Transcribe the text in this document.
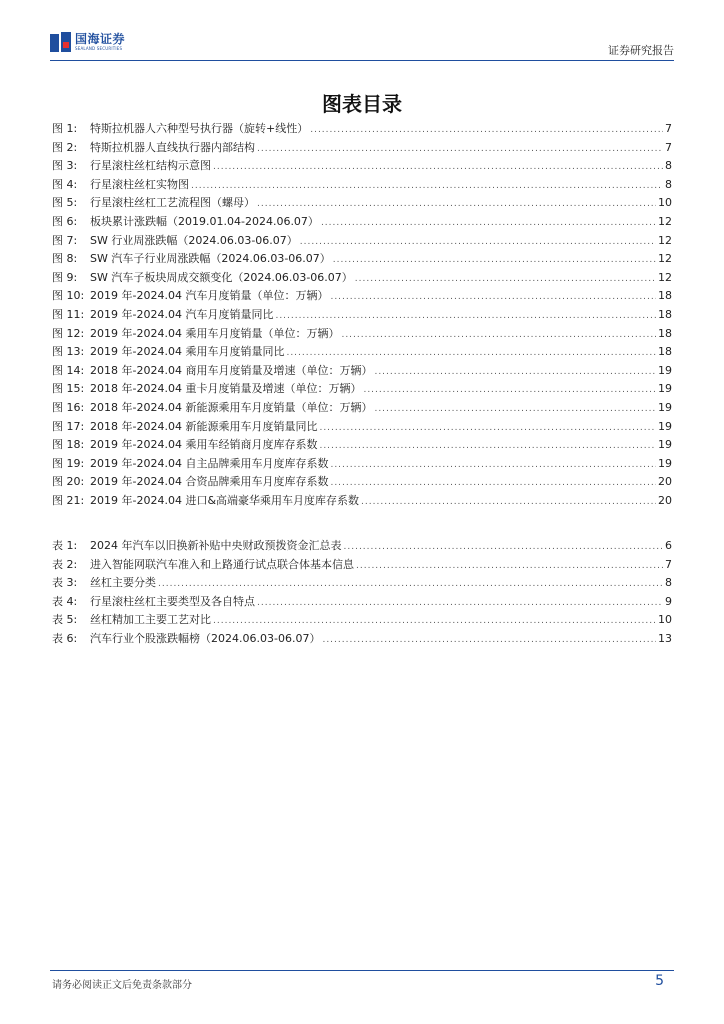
国海证券
SEALAND SECURITIES	证券研究报告
图表目录
图 1:	特斯拉机器人六种型号执行器（旋转+线性） .....	7
图 2:	特斯拉机器人直线执行器内部结构 .....	7
图 3:	行星滚柱丝杠结构示意图 .....	8
图 4:	行星滚柱丝杠实物图 .....	8
图 5:	行星滚柱丝杠工艺流程图（螺母） .....	10
图 6:	板块累计涨跌幅（2019.01.04-2024.06.07） .....	12
图 7:	SW 行业周涨跌幅（2024.06.03-06.07） .....	12
图 8:	SW 汽车子行业周涨跌幅（2024.06.03-06.07） .....	12
图 9:	SW 汽车子板块周成交额变化（2024.06.03-06.07） .....	12
图 10: 2019 年-2024.04 汽车月度销量（单位：万辆） .....	18
图 11: 2019 年-2024.04 汽车月度销量同比 .....	18
图 12: 2019 年-2024.04 乘用车月度销量（单位：万辆） .....	18
图 13: 2019 年-2024.04 乘用车月度销量同比 .....	18
图 14: 2018 年-2024.04 商用车月度销量及增速（单位：万辆） .....	19
图 15: 2018 年-2024.04 重卡月度销量及增速（单位：万辆） .....	19
图 16: 2018 年-2024.04 新能源乘用车月度销量（单位：万辆） .....	19
图 17: 2018 年-2024.04 新能源乘用车月度销量同比 .....	19
图 18: 2019 年-2024.04 乘用车经销商月度库存系数 .....	19
图 19: 2019 年-2024.04 自主品牌乘用车月度库存系数 .....	19
图 20: 2019 年-2024.04 合资品牌乘用车月度库存系数 .....	20
图 21: 2019 年-2024.04 进口&高端豪华乘用车月度库存系数 .....	20
表 1:	2024 年汽车以旧换新补贴中央财政预拨资金汇总表 .....	6
表 2:	进入智能网联汽车准入和上路通行试点联合体基本信息 .....	7
表 3:	丝杠主要分类 .....	8
表 4:	行星滚柱丝杠主要类型及各自特点 .....	9
表 5:	丝杠精加工主要工艺对比 .....	10
表 6:	汽车行业个股涨跌幅榜（2024.06.03-06.07） .....	13
请务必阅读正文后免责条款部分	5
